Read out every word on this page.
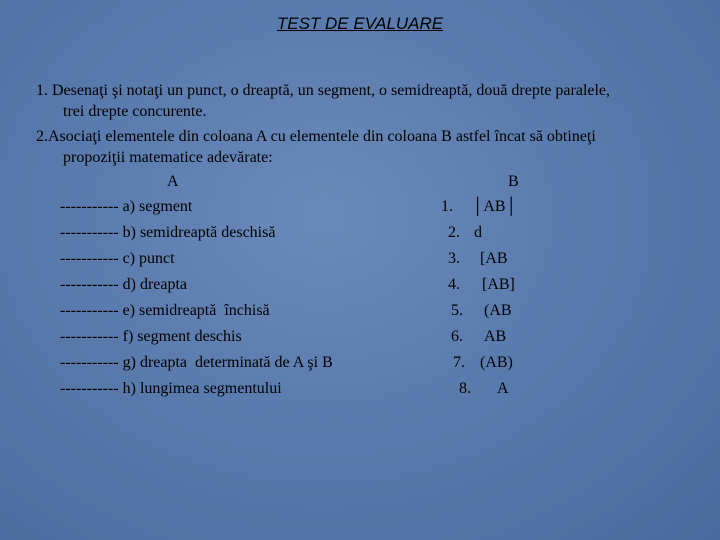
TEST DE EVALUARE
1. Desenaţi şi notaţi un punct, o dreaptă, un segment, o semidreaptă, două drepte paralele,
trei drepte concurente.
2.Asociaţi elementele din coloana A cu elementele din coloana B astfel încat să obtineţi
propoziţii matematice adevărate:
A	B
----------- a) segment	1. │AB│
----------- b) semidreaptă deschisă	2. d
----------- c) punct	3. [AB
----------- d) dreapta	4. [AB]
----------- e) semidreaptă  închisă	5. (AB
----------- f) segment deschis	6. AB
----------- g) dreapta  determinată de A şi B	7. (AB)
----------- h) lungimea segmentului	8. A
